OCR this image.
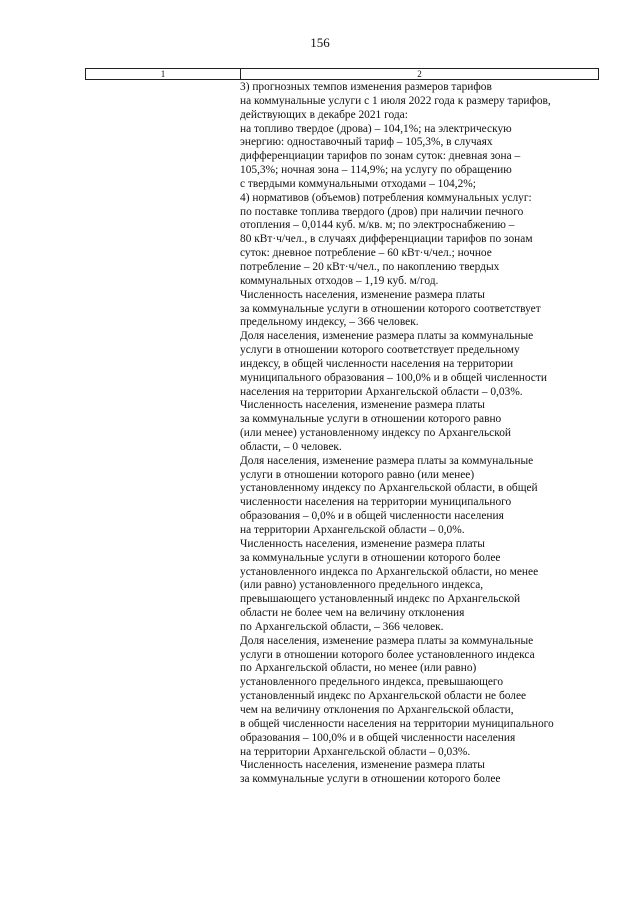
156
1	2
3) прогнозных темпов изменения размеров тарифов
на коммунальные услуги с 1 июля 2022 года к размеру тарифов,
действующих в декабре 2021 года:
на топливо твердое (дрова) – 104,1%; на электрическую
энергию: одноставочный тариф – 105,3%, в случаях
дифференциации тарифов по зонам суток: дневная зона –
105,3%; ночная зона – 114,9%; на услугу по обращению
с твердыми коммунальными отходами – 104,2%;
4) нормативов (объемов) потребления коммунальных услуг:
по поставке топлива твердого (дров) при наличии печного
отопления – 0,0144 куб. м/кв. м; по электроснабжению –
80 кВт·ч/чел., в случаях дифференциации тарифов по зонам
суток: дневное потребление – 60 кВт·ч/чел.; ночное
потребление – 20 кВт·ч/чел., по накоплению твердых
коммунальных отходов – 1,19 куб. м/год.
Численность населения, изменение размера платы
за коммунальные услуги в отношении которого соответствует
предельному индексу, – 366 человек.
Доля населения, изменение размера платы за коммунальные
услуги в отношении которого соответствует предельному
индексу, в общей численности населения на территории
муниципального образования – 100,0% и в общей численности
населения на территории Архангельской области – 0,03%.
Численность населения, изменение размера платы
за коммунальные услуги в отношении которого равно
(или менее) установленному индексу по Архангельской
области, – 0 человек.
Доля населения, изменение размера платы за коммунальные
услуги в отношении которого равно (или менее)
установленному индексу по Архангельской области, в общей
численности населения на территории муниципального
образования – 0,0% и в общей численности населения
на территории Архангельской области – 0,0%.
Численность населения, изменение размера платы
за коммунальные услуги в отношении которого более
установленного индекса по Архангельской области, но менее
(или равно) установленного предельного индекса,
превышающего установленный индекс по Архангельской
области не более чем на величину отклонения
по Архангельской области, – 366 человек.
Доля населения, изменение размера платы за коммунальные
услуги в отношении которого более установленного индекса
по Архангельской области, но менее (или равно)
установленного предельного индекса, превышающего
установленный индекс по Архангельской области не более
чем на величину отклонения по Архангельской области,
в общей численности населения на территории муниципального
образования – 100,0% и в общей численности населения
на территории Архангельской области – 0,03%.
Численность населения, изменение размера платы
за коммунальные услуги в отношении которого более
